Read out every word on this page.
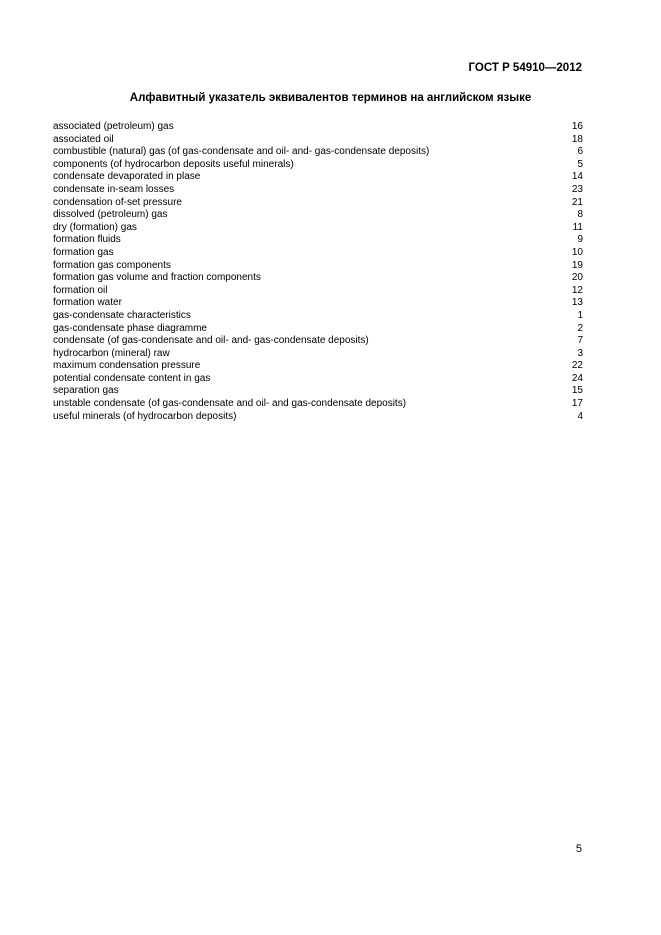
ГОСТ Р 54910—2012
Алфавитный указатель эквивалентов терминов на английском языке
associated (petroleum) gas	16
associated oil	18
combustible (natural) gas (of gas-condensate and oil- and- gas-condensate deposits)	6
components (of hydrocarbon deposits useful minerals)	5
condensate devaporated in plase	14
condensate in-seam losses	23
condensation of-set pressure	21
dissolved (petroleum) gas	8
dry (formation) gas	11
formation fluids	9
formation gas	10
formation gas components	19
formation gas volume and fraction components	20
formation oil	12
formation water	13
gas-condensate characteristics	1
gas-condensate phase diagramme	2
condensate (of gas-condensate and oil- and- gas-condensate deposits)	7
hydrocarbon (mineral) raw	3
maximum condensation pressure	22
potential condensate content in gas	24
separation gas	15
unstable condensate (of gas-condensate and oil- and gas-condensate deposits)	17
useful minerals (of hydrocarbon deposits)	4
5
